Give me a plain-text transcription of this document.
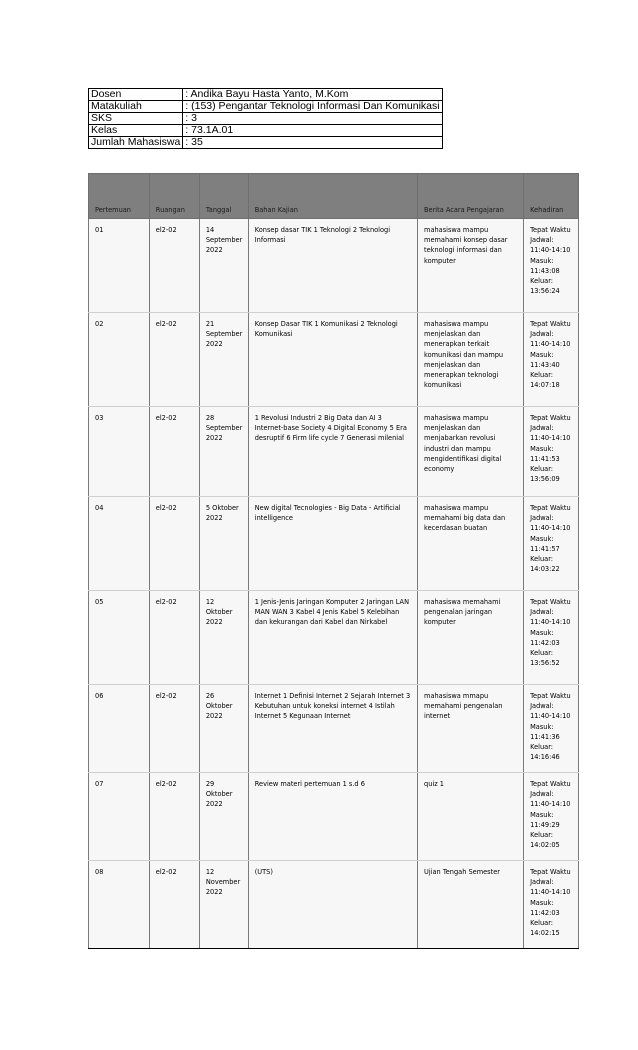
Dosen	: Andika Bayu Hasta Yanto, M.Kom
Matakuliah	: (153) Pengantar Teknologi Informasi Dan Komunikasi
SKS	: 3
Kelas	: 73.1A.01
Jumlah Mahasiswa	: 35
Pertemuan	Ruangan	Tanggal	Bahan Kajian	Berita Acara Pengajaran	Kehadiran
01	el2-02	14 September 2022	Konsep dasar TIK 1 Teknologi 2 Teknologi Informasi	mahasiswa mampu memahami konsep dasar teknologi informasi dan komputer	Tepat Waktu Jadwal: 11:40-14:10 Masuk: 11:43:08 Keluar: 13:56:24
02	el2-02	21 September 2022	Konsep Dasar TIK 1 Komunikasi 2 Teknologi Komunikasi	mahasiswa mampu menjelaskan dan menerapkan terkait komunikasi dan mampu menjelaskan dan menerapkan teknologi komunikasi	Tepat Waktu Jadwal: 11:40-14:10 Masuk: 11:43:40 Keluar: 14:07:18
03	el2-02	28 September 2022	1 Revolusi Industri 2 Big Data dan AI 3 Internet-base Society 4 Digital Economy 5 Era desruptif 6 Firm life cycle 7 Generasi milenial	mahasiswa mampu menjelaskan dan menjabarkan revolusi industri dan mampu mengidentifikasi digital economy	Tepat Waktu Jadwal: 11:40-14:10 Masuk: 11:41:53 Keluar: 13:56:09
04	el2-02	5 Oktober 2022	New digital Tecnologies - Big Data - Artificial intelligence	mahasiswa mampu memahami big data dan kecerdasan buatan	Tepat Waktu Jadwal: 11:40-14:10 Masuk: 11:41:57 Keluar: 14:03:22
05	el2-02	12 Oktober 2022	1 Jenis-Jenis Jaringan Komputer 2 Jaringan LAN MAN WAN 3 Kabel 4 Jenis Kabel 5 Kelebihan dan kekurangan dari Kabel dan Nirkabel	mahasiswa memahami pengenalan jaringan komputer	Tepat Waktu Jadwal: 11:40-14:10 Masuk: 11:42:03 Keluar: 13:56:52
06	el2-02	26 Oktober 2022	Internet 1 Definisi Internet 2 Sejarah Internet 3 Kebutuhan untuk koneksi internet 4 Istilah Internet 5 Kegunaan Internet	mahasiswa mmapu memahami pengenalan internet	Tepat Waktu Jadwal: 11:40-14:10 Masuk: 11:41:36 Keluar: 14:16:46
07	el2-02	29 Oktober 2022	Review materi pertemuan 1 s.d 6	quiz 1	Tepat Waktu Jadwal: 11:40-14:10 Masuk: 11:49:29 Keluar: 14:02:05
08	el2-02	12 November 2022	(UTS)	Ujian Tengah Semester	Tepat Waktu Jadwal: 11:40-14:10 Masuk: 11:42:03 Keluar: 14:02:15
